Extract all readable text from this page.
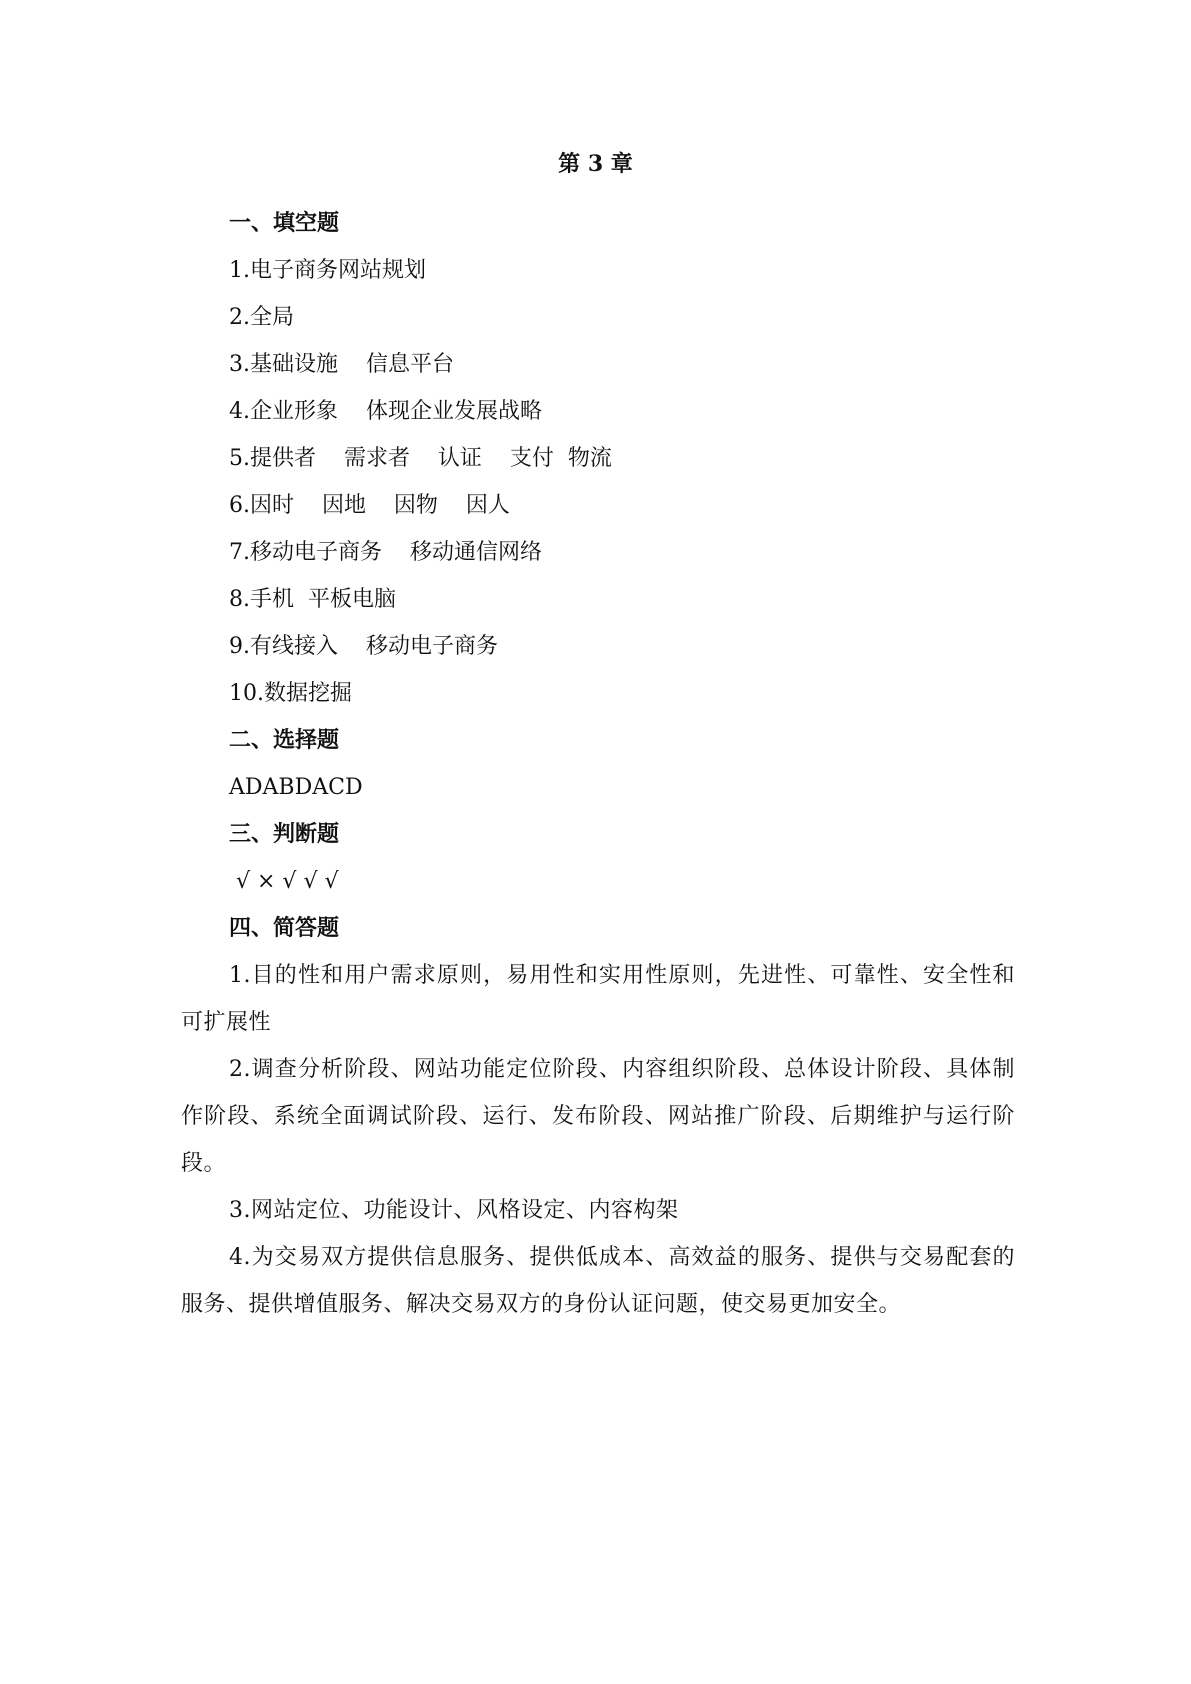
第 3 章
一、填空题
1.电子商务网站规划
2.全局
3.基础设施    信息平台
4.企业形象    体现企业发展战略
5.提供者    需求者    认证    支付  物流
6.因时    因地    因物    因人
7.移动电子商务    移动通信网络
8.手机  平板电脑
9.有线接入    移动电子商务
10.数据挖掘
二、选择题
ADABDACD
三、判断题
√ × √ √ √
四、简答题
1.目的性和用户需求原则，易用性和实用性原则，先进性、可靠性、安全性和可扩展性
2.调查分析阶段、网站功能定位阶段、内容组织阶段、总体设计阶段、具体制作阶段、系统全面调试阶段、运行、发布阶段、网站推广阶段、后期维护与运行阶段。
3.网站定位、功能设计、风格设定、内容构架
4.为交易双方提供信息服务、提供低成本、高效益的服务、提供与交易配套的服务、提供增值服务、解决交易双方的身份认证问题，使交易更加安全。
